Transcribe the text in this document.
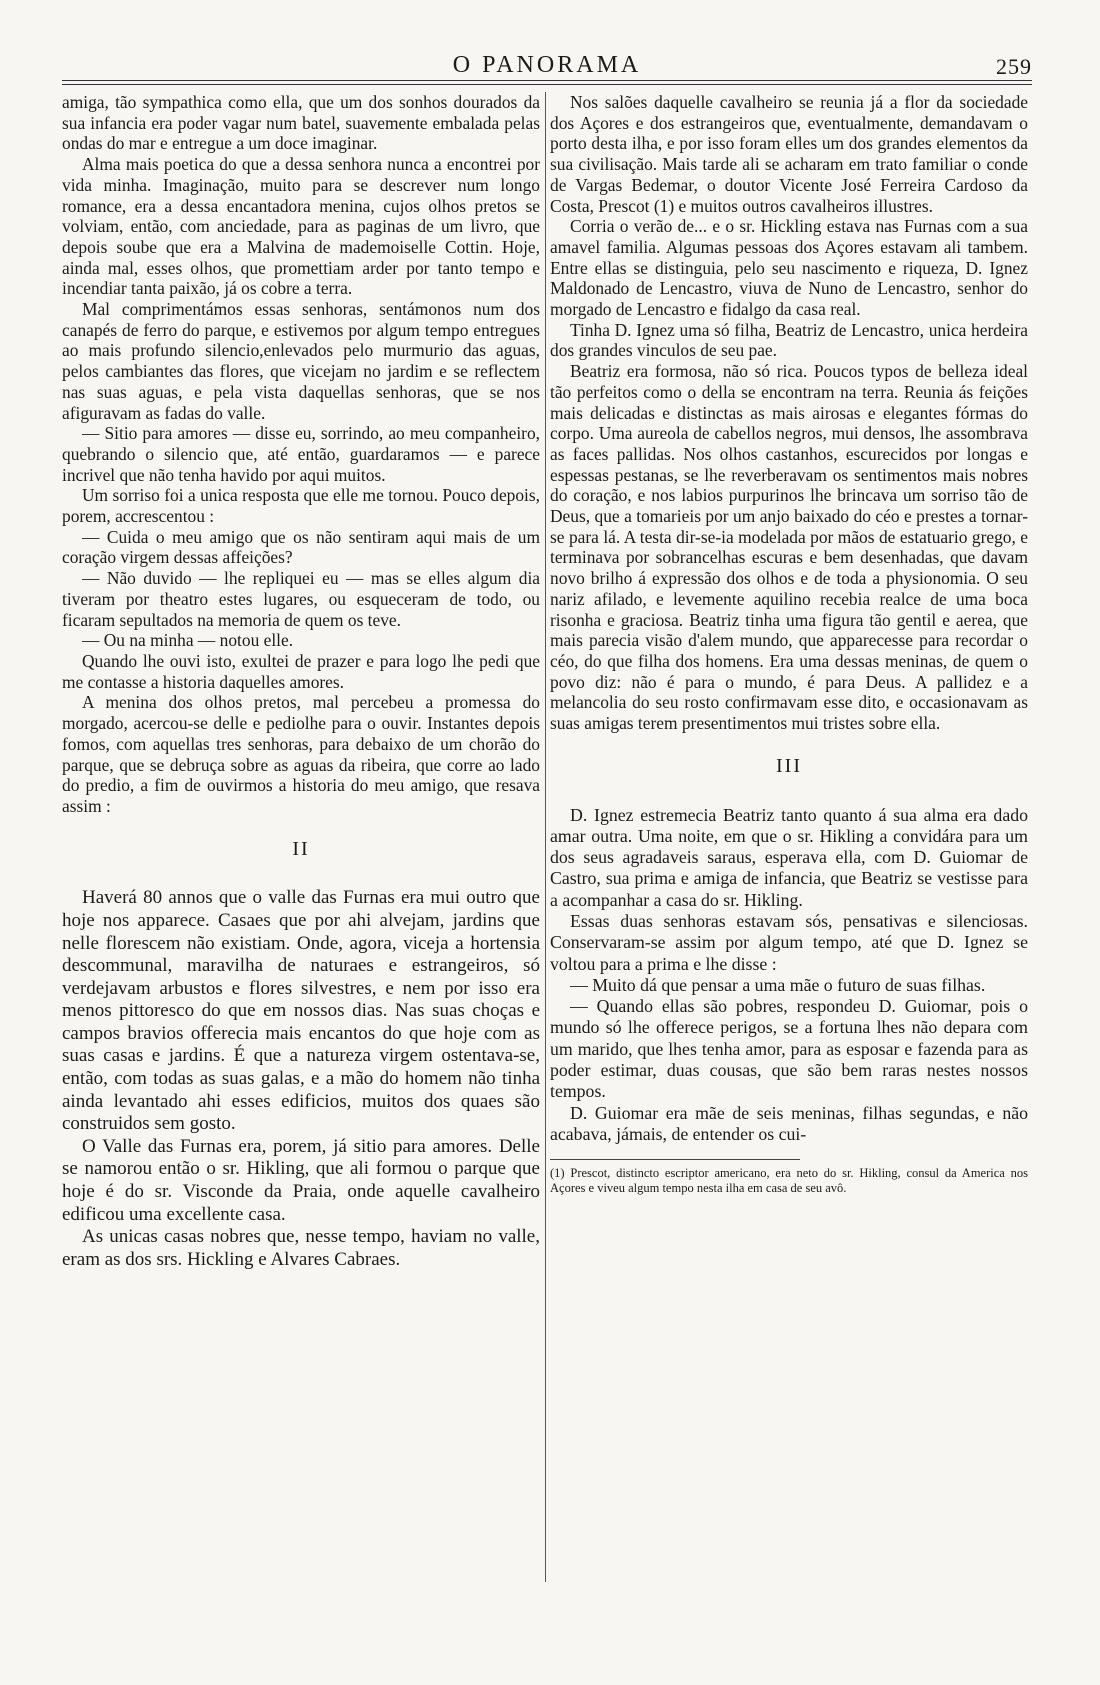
O PANORAMA	259

amiga, tão sympathica como ella, que um dos sonhos dourados da sua infancia era poder vagar num batel, suavemente embalada pelas ondas do mar e entregue a um doce imaginar.

Alma mais poetica do que a dessa senhora nunca a encontrei por vida minha. Imaginação, muito para se descrever num longo romance, era a dessa encantadora menina, cujos olhos pretos se volviam, então, com anciedade, para as paginas de um livro, que depois soube que era a Malvina de mademoiselle Cottin. Hoje, ainda mal, esses olhos, que promettiam arder por tanto tempo e incendiar tanta paixão, já os cobre a terra.

Mal comprimentámos essas senhoras, sentámonos num dos canapés de ferro do parque, e estivemos por algum tempo entregues ao mais profundo silencio,enlevados pelo murmurio das aguas, pelos cambiantes das flores, que vicejam no jardim e se reflectem nas suas aguas, e pela vista daquellas senhoras, que se nos afiguravam as fadas do valle.

— Sitio para amores — disse eu, sorrindo, ao meu companheiro, quebrando o silencio que, até então, guardaramos — e parece incrivel que não tenha havido por aqui muitos.

Um sorriso foi a unica resposta que elle me tornou. Pouco depois, porem, accrescentou :

— Cuida o meu amigo que os não sentiram aqui mais de um coração virgem dessas affeições?

— Não duvido — lhe repliquei eu — mas se elles algum dia tiveram por theatro estes lugares, ou esqueceram de todo, ou ficaram sepultados na memoria de quem os teve.

— Ou na minha — notou elle.

Quando lhe ouvi isto, exultei de prazer e para logo lhe pedi que me contasse a historia daquelles amores.

A menina dos olhos pretos, mal percebeu a promessa do morgado, acercou-se delle e pediolhe para o ouvir. Instantes depois fomos, com aquellas tres senhoras, para debaixo de um chorão do parque, que se debruça sobre as aguas da ribeira, que corre ao lado do predio, a fim de ouvirmos a historia do meu amigo, que resava assim :

II

Haverá 80 annos que o valle das Furnas era mui outro que hoje nos apparece. Casaes que por ahi alvejam, jardins que nelle florescem não existiam. Onde, agora, viceja a hortensia descommunal, maravilha de naturaes e estrangeiros, só verdejavam arbustos e flores silvestres, e nem por isso era menos pittoresco do que em nossos dias. Nas suas choças e campos bravios offerecia mais encantos do que hoje com as suas casas e jardins. É que a natureza virgem ostentava-se, então, com todas as suas galas, e a mão do homem não tinha ainda levantado ahi esses edificios, muitos dos quaes são construidos sem gosto.

O Valle das Furnas era, porem, já sitio para amores. Delle se namorou então o sr. Hikling, que ali formou o parque que hoje é do sr. Visconde da Praia, onde aquelle cavalheiro edificou uma excellente casa.

As unicas casas nobres que, nesse tempo, haviam no valle, eram as dos srs. Hickling e Alvares Cabraes.

Nos salões daquelle cavalheiro se reunia já a flor da sociedade dos Açores e dos estrangeiros que, eventualmente, demandavam o porto desta ilha, e por isso foram elles um dos grandes elementos da sua civilisação. Mais tarde ali se acharam em trato familiar o conde de Vargas Bedemar, o doutor Vicente José Ferreira Cardoso da Costa, Prescot (1) e muitos outros cavalheiros illustres.

Corria o verão de... e o sr. Hickling estava nas Furnas com a sua amavel familia. Algumas pessoas dos Açores estavam ali tambem. Entre ellas se distinguia, pelo seu nascimento e riqueza, D. Ignez Maldonado de Lencastro, viuva de Nuno de Lencastro, senhor do morgado de Lencastro e fidalgo da casa real.

Tinha D. Ignez uma só filha, Beatriz de Lencastro, unica herdeira dos grandes vinculos de seu pae.

Beatriz era formosa, não só rica. Poucos typos de belleza ideal tão perfeitos como o della se encontram na terra. Reunia ás feições mais delicadas e distinctas as mais airosas e elegantes fórmas do corpo. Uma aureola de cabellos negros, mui densos, lhe assombrava as faces pallidas. Nos olhos castanhos, escurecidos por longas e espessas pestanas, se lhe reverberavam os sentimentos mais nobres do coração, e nos labios purpurinos lhe brincava um sorriso tão de Deus, que a tomarieis por um anjo baixado do céo e prestes a tornar-se para lá. A testa dir-se-ia modelada por mãos de estatuario grego, e terminava por sobrancelhas escuras e bem desenhadas, que davam novo brilho á expressão dos olhos e de toda a physionomia. O seu nariz afilado, e levemente aquilino recebia realce de uma boca risonha e graciosa. Beatriz tinha uma figura tão gentil e aerea, que mais parecia visão d'alem mundo, que apparecesse para recordar o céo, do que filha dos homens. Era uma dessas meninas, de quem o povo diz: não é para o mundo, é para Deus. A pallidez e a melancolia do seu rosto confirmavam esse dito, e occasionavam as suas amigas terem presentimentos mui tristes sobre ella.

III

D. Ignez estremecia Beatriz tanto quanto á sua alma era dado amar outra. Uma noite, em que o sr. Hikling a convidára para um dos seus agradaveis saraus, esperava ella, com D. Guiomar de Castro, sua prima e amiga de infancia, que Beatriz se vestisse para a acompanhar a casa do sr. Hikling.

Essas duas senhoras estavam sós, pensativas e silenciosas. Conservaram-se assim por algum tempo, até que D. Ignez se voltou para a prima e lhe disse :

— Muito dá que pensar a uma mãe o futuro de suas filhas.

— Quando ellas são pobres, respondeu D. Guiomar, pois o mundo só lhe offerece perigos, se a fortuna lhes não depara com um marido, que lhes tenha amor, para as esposar e fazenda para as poder estimar, duas cousas, que são bem raras nestes nossos tempos.

D. Guiomar era mãe de seis meninas, filhas segundas, e não acabava, jámais, de entender os cui-

(1) Prescot, distincto escriptor americano, era neto do sr. Hikling, consul da America nos Açores e viveu algum tempo nesta ilha em casa de seu avô.
